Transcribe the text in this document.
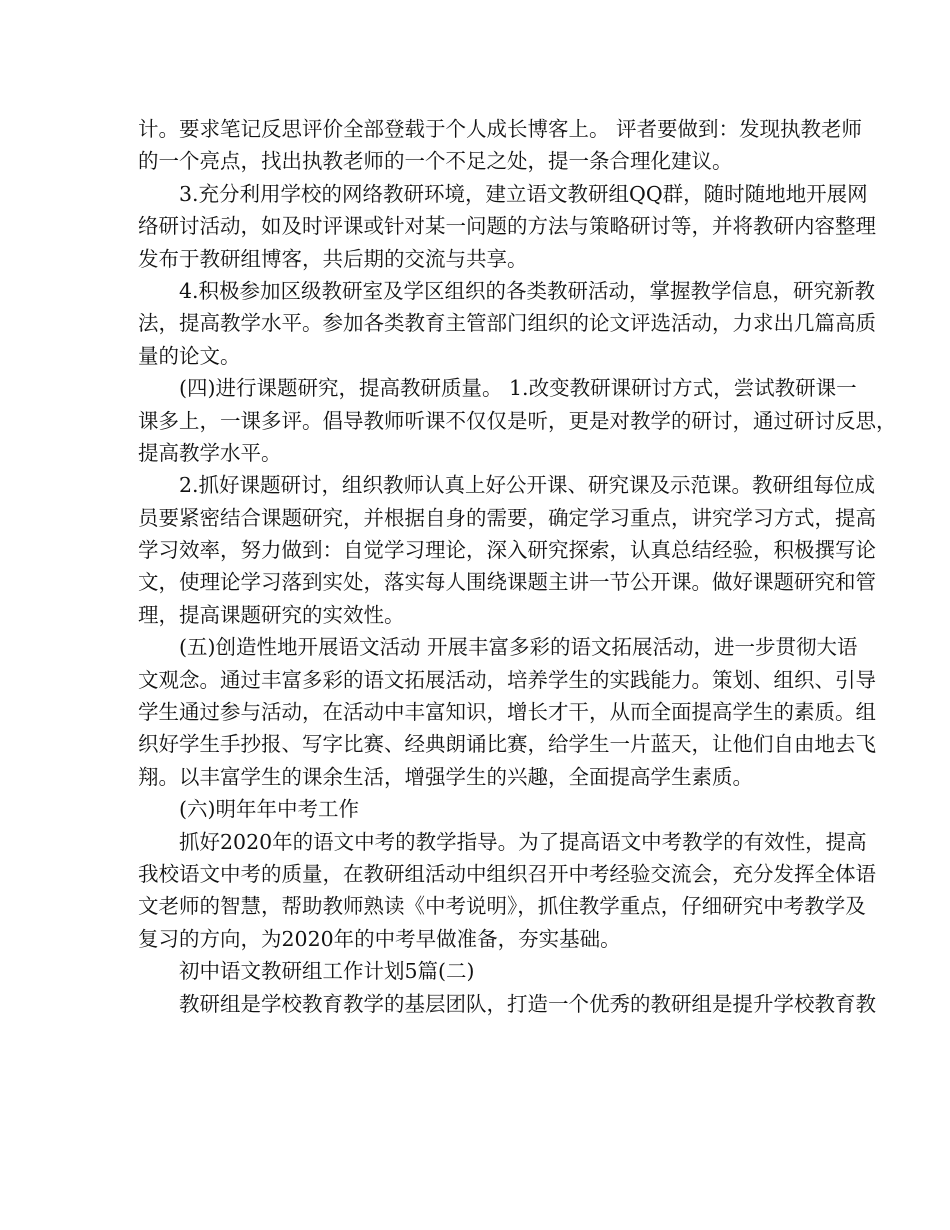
计。要求笔记反思评价全部登载于个人成长博客上。 评者要做到：发现执教老师
的一个亮点，找出执教老师的一个不足之处，提一条合理化建议。
3.充分利用学校的网络教研环境，建立语文教研组QQ群，随时随地地开展网
络研讨活动，如及时评课或针对某一问题的方法与策略研讨等，并将教研内容整理
发布于教研组博客，共后期的交流与共享。
4.积极参加区级教研室及学区组织的各类教研活动，掌握教学信息，研究新教
法，提高教学水平。参加各类教育主管部门组织的论文评选活动，力求出几篇高质
量的论文。
(四)进行课题研究，提高教研质量。 1.改变教研课研讨方式，尝试教研课一
课多上，一课多评。倡导教师听课不仅仅是听，更是对教学的研讨，通过研讨反思，
提高教学水平。
2.抓好课题研讨，组织教师认真上好公开课、研究课及示范课。教研组每位成
员要紧密结合课题研究，并根据自身的需要，确定学习重点，讲究学习方式，提高
学习效率，努力做到：自觉学习理论，深入研究探索，认真总结经验，积极撰写论
文，使理论学习落到实处，落实每人围绕课题主讲一节公开课。做好课题研究和管
理，提高课题研究的实效性。
(五)创造性地开展语文活动 开展丰富多彩的语文拓展活动，进一步贯彻大语
文观念。通过丰富多彩的语文拓展活动，培养学生的实践能力。策划、组织、引导
学生通过参与活动，在活动中丰富知识，增长才干，从而全面提高学生的素质。组
织好学生手抄报、写字比赛、经典朗诵比赛，给学生一片蓝天，让他们自由地去飞
翔。以丰富学生的课余生活，增强学生的兴趣，全面提高学生素质。
(六)明年年中考工作
抓好2020年的语文中考的教学指导。为了提高语文中考教学的有效性，提高
我校语文中考的质量，在教研组活动中组织召开中考经验交流会，充分发挥全体语
文老师的智慧，帮助教师熟读《中考说明》，抓住教学重点，仔细研究中考教学及
复习的方向，为2020年的中考早做准备，夯实基础。
初中语文教研组工作计划5篇(二)
教研组是学校教育教学的基层团队，打造一个优秀的教研组是提升学校教育教
